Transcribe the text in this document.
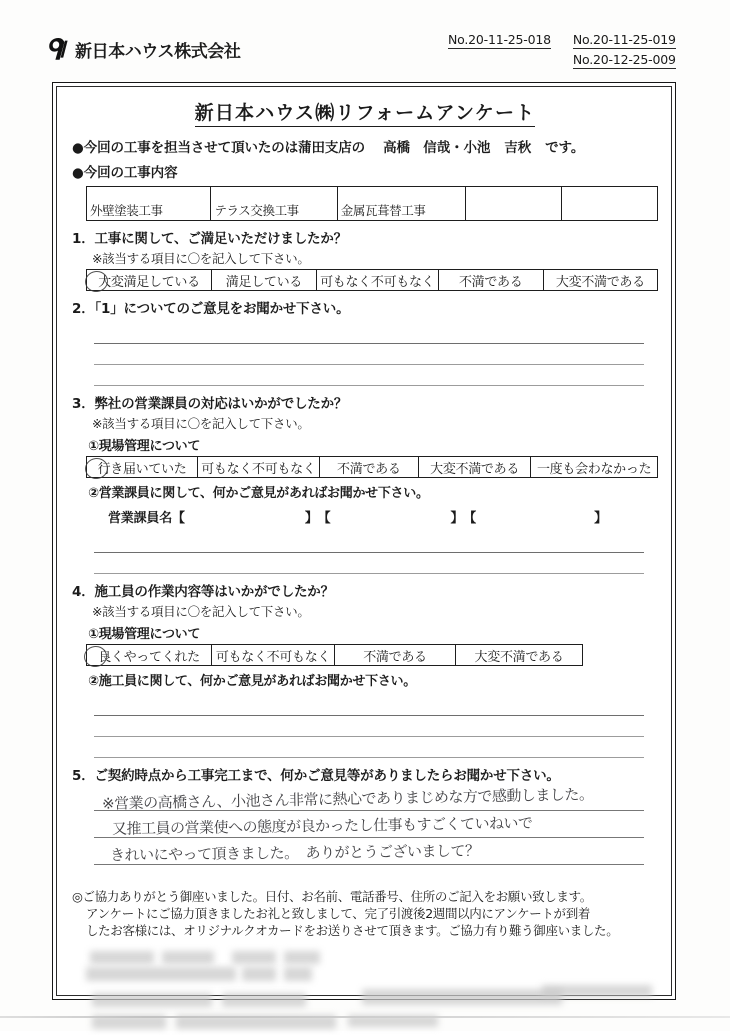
新日本ハウス株式会社
No.20-11-25-018 No.20-11-25-019
No.20-12-25-009
新日本ハウス㈱リフォームアンケート
●今回の工事を担当させて頂いたのは蒲田支店の 高橋　信哉・小池 吉秋 です。
●今回の工事内容
外壁塗装工事	テラス交換工事	金属瓦葺替工事		
1．工事に関して、ご満足いただけましたか？
※該当する項目に〇を記入して下さい。
大変満足している	満足している	可もなく不可もなく	不満である	大変不満である
2．「1」についてのご意見をお聞かせ下さい。
3．弊社の営業課員の対応はいかがでしたか？
※該当する項目に〇を記入して下さい。
①現場管理について
行き届いていた	可もなく不可もなく	不満である	大変不満である	一度も会わなかった
②営業課員に関して、何かご意見があればお聞かせ下さい。
営業課員名 【	】 【	】 【	】
4．施工員の作業内容等はいかがでしたか？
※該当する項目に〇を記入して下さい。
①現場管理について
良くやってくれた	可もなく不可もなく	不満である	大変不満である
②施工員に関して、何かご意見があればお聞かせ下さい。
5．ご契約時点から工事完工まで、何かご意見等がありましたらお聞かせ下さい。
※営業の高橋さん、小池さん非常に熱心でありまじめな方で感動しました。
又推工員の営業使への態度が良かったし仕事もすごくていねいで
きれいにやって頂きました。　ありがとうございまして？
◎ご協力ありがとう御座いました。日付、お名前、電話番号、住所のご記入をお願い致します。
アンケートにご協力頂きましたお礼と致しまして、完了引渡後2週間以内にアンケートが到着
したお客様には、オリジナルクオカードをお送りさせて頂きます。ご協力有り難う御座いました。
